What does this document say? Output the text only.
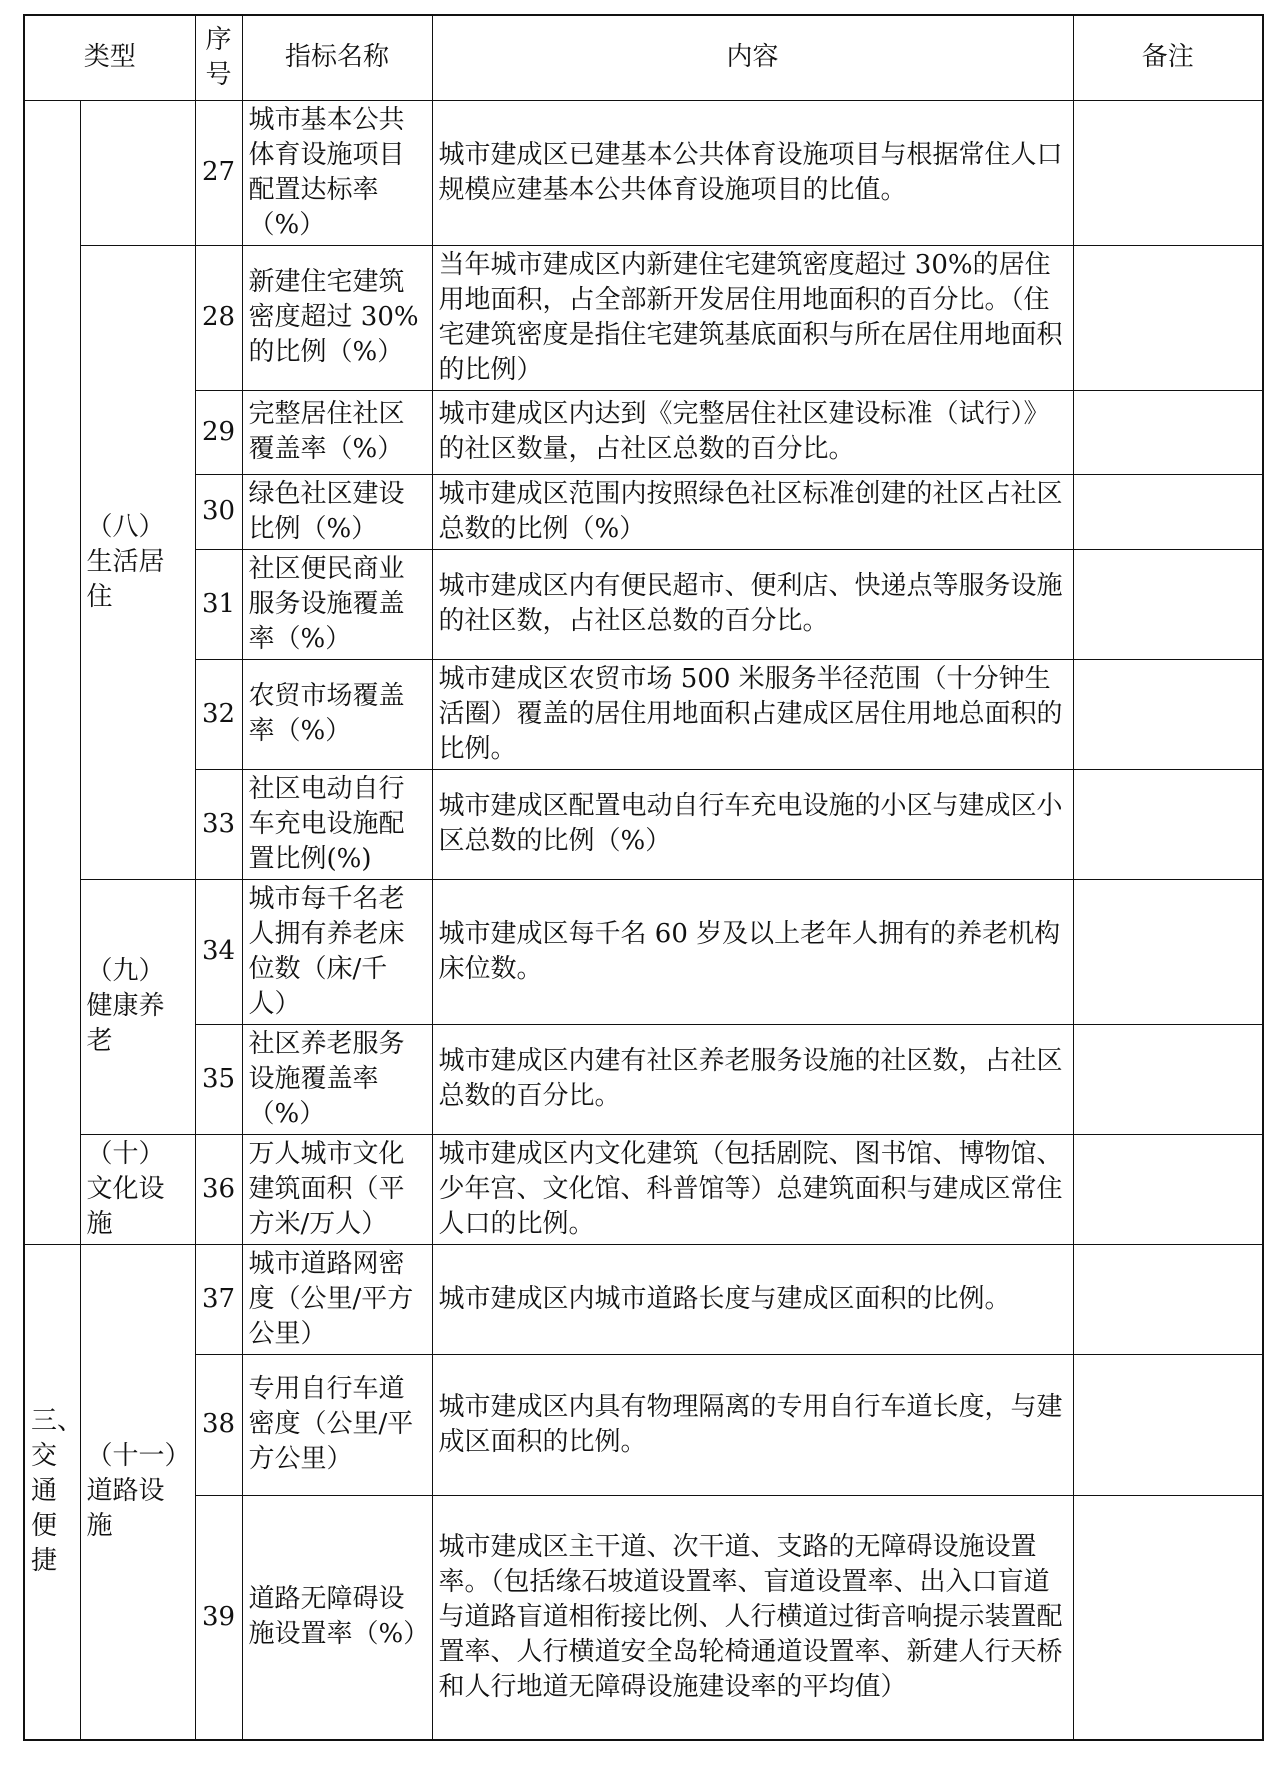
类型		序号	指标名称	内容	备注
		27	城市基本公共体育设施项目配置达标率（%）	城市建成区已建基本公共体育设施项目与根据常住人口规模应建基本公共体育设施项目的比值。	
	（八）生活居住	28	新建住宅建筑密度超过 30%的比例（%）	当年城市建成区内新建住宅建筑密度超过 30%的居住用地面积，占全部新开发居住用地面积的百分比。（住宅建筑密度是指住宅建筑基底面积与所在居住用地面积的比例）	
		29	完整居住社区覆盖率（%）	城市建成区内达到《完整居住社区建设标准（试行）》的社区数量，占社区总数的百分比。	
		30	绿色社区建设比例（%）	城市建成区范围内按照绿色社区标准创建的社区占社区总数的比例（%）	
		31	社区便民商业服务设施覆盖率（%）	城市建成区内有便民超市、便利店、快递点等服务设施的社区数，占社区总数的百分比。	
		32	农贸市场覆盖率（%）	城市建成区农贸市场 500 米服务半径范围（十分钟生活圈）覆盖的居住用地面积占建成区居住用地总面积的比例。	
		33	社区电动自行车充电设施配置比例(%)	城市建成区配置电动自行车充电设施的小区与建成区小区总数的比例（%）	
	（九）健康养老	34	城市每千名老人拥有养老床位数（床/千人）	城市建成区每千名 60 岁及以上老年人拥有的养老机构床位数。	
		35	社区养老服务设施覆盖率（%）	城市建成区内建有社区养老服务设施的社区数，占社区总数的百分比。	
	（十）文化设施	36	万人城市文化建筑面积（平方米/万人）	城市建成区内文化建筑（包括剧院、图书馆、博物馆、少年宫、文化馆、科普馆等）总建筑面积与建成区常住人口的比例。	
三、交通便捷	（十一）道路设施	37	城市道路网密度（公里/平方公里）	城市建成区内城市道路长度与建成区面积的比例。	
		38	专用自行车道密度（公里/平方公里）	城市建成区内具有物理隔离的专用自行车道长度，与建成区面积的比例。	
		39	道路无障碍设施设置率（%）	城市建成区主干道、次干道、支路的无障碍设施设置率。（包括缘石坡道设置率、盲道设置率、出入口盲道与道路盲道相衔接比例、人行横道过街音响提示装置配置率、人行横道安全岛轮椅通道设置率、新建人行天桥和人行地道无障碍设施建设率的平均值）	
